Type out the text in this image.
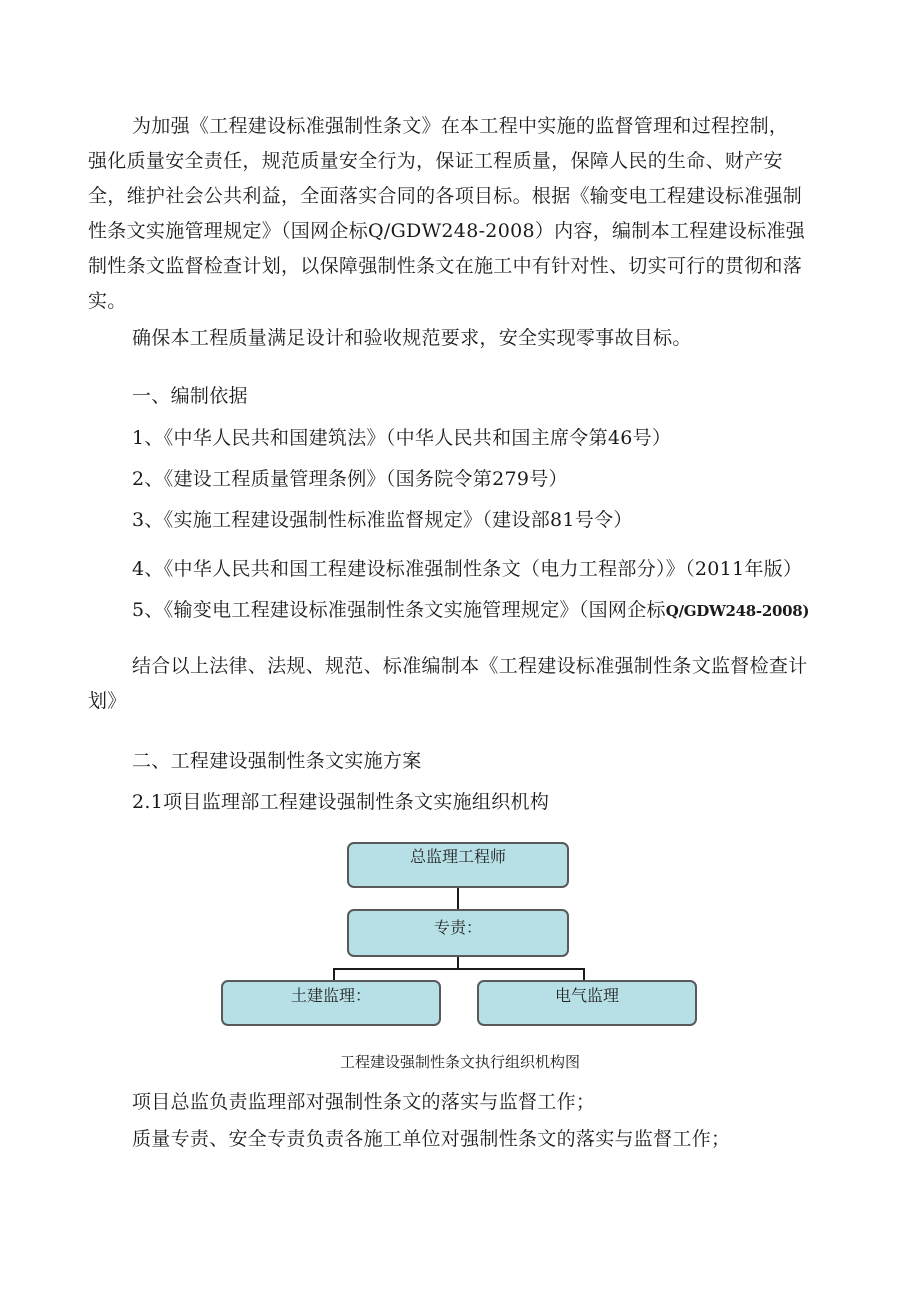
为加强《工程建设标准强制性条文》在本工程中实施的监督管理和过程控制，
强化质量安全责任，规范质量安全行为，保证工程质量，保障人民的生命、财产安
全，维护社会公共利益，全面落实合同的各项目标。根据《输变电工程建设标准强制
性条文实施管理规定》（国网企标Q/GDW248-2008）内容，编制本工程建设标准强
制性条文监督检查计划，以保障强制性条文在施工中有针对性、切实可行的贯彻和落
实。
确保本工程质量满足设计和验收规范要求，安全实现零事故目标。
一、编制依据
1、《中华人民共和国建筑法》（中华人民共和国主席令第46号）
2、《建设工程质量管理条例》（国务院令第279号）
3、《实施工程建设强制性标准监督规定》（建设部81号令）
4、《中华人民共和国工程建设标准强制性条文（电力工程部分）》（2011年版）
5、《输变电工程建设标准强制性条文实施管理规定》（国网企标Q/GDW248-2008)
结合以上法律、法规、规范、标准编制本《工程建设标准强制性条文监督检查计
划》
二、工程建设强制性条文实施方案
2.1项目监理部工程建设强制性条文实施组织机构
总监理工程师
专责：
土建监理：	电气监理
工程建设强制性条文执行组织机构图
项目总监负责监理部对强制性条文的落实与监督工作；
质量专责、安全专责负责各施工单位对强制性条文的落实与监督工作；
